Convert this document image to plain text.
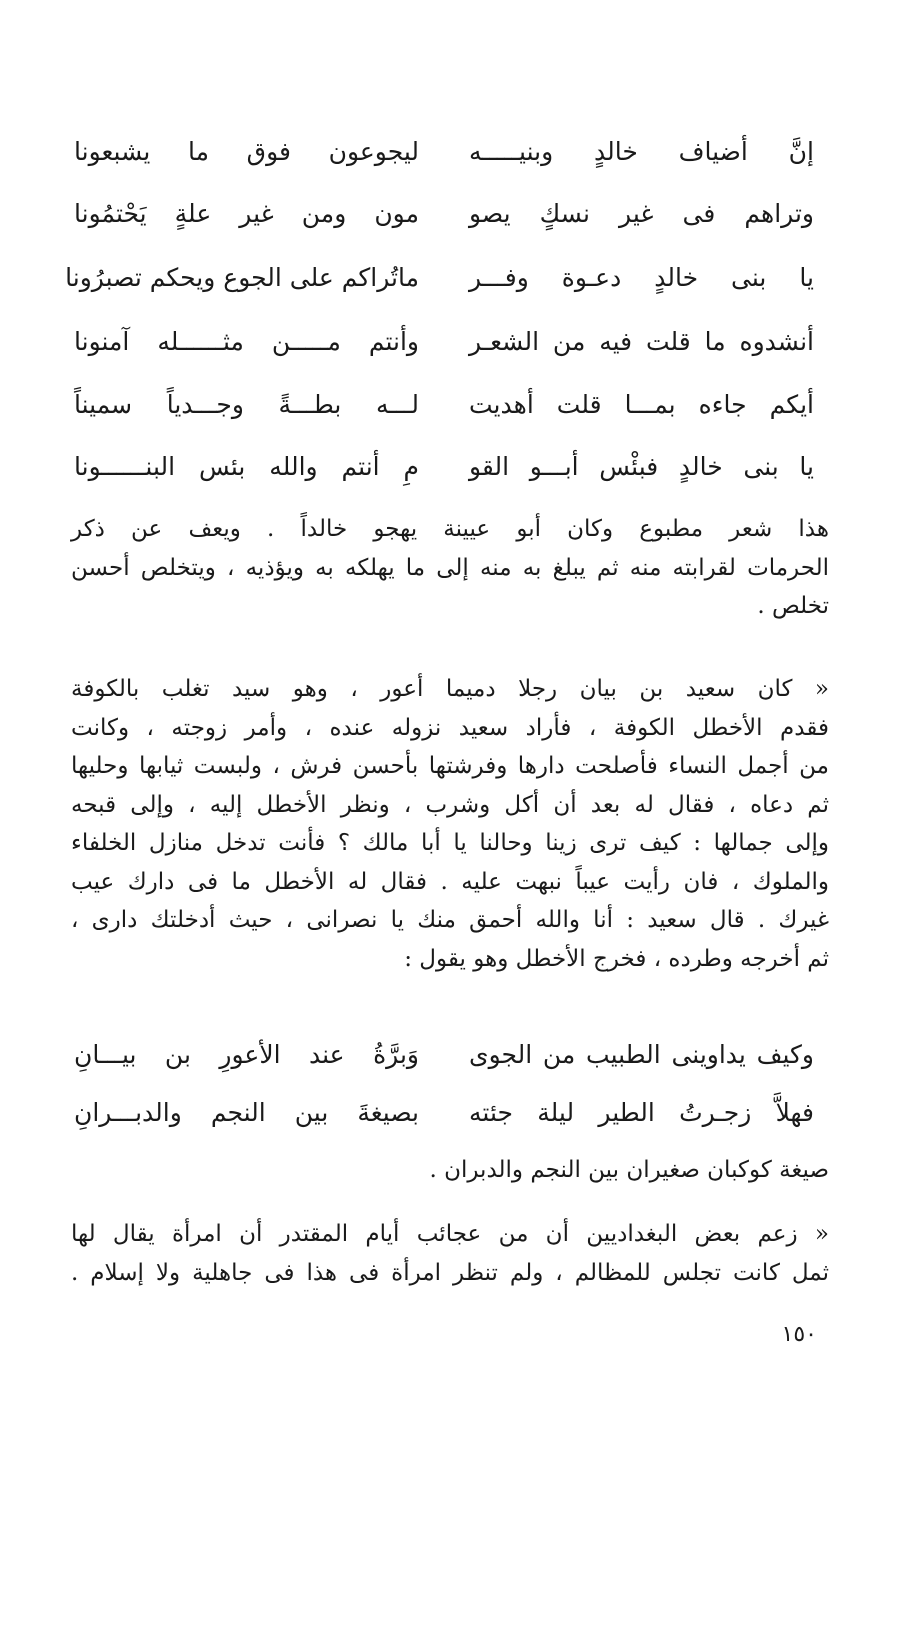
إنَّ أضياف خالدٍ وبنيـــــه
ليجوعون فوق ما يشبعونا
وتراهم فى غير نسكٍ يصو
مون ومن غير علةٍ يَحْتمُونا
يا بنى خالدٍ دعـوة وفـــر
ماتُراكم على الجوع ويحكم تصبرُونا
أنشدوه ما قلت فيه من الشعـر
وأنتم مـــــن مثــــــله آمنونا
أيكم جاءه بمـــا قلت أهديت
لـــه بطـــةً وجـــدياً سميناً
يا بنى خالدٍ فبئْس أبـــو القو
مِ أنتم والله بئس البنــــــونا
هذا شعر مطبوع وكان أبو عيينة يهجو خالداً . ويعف عن ذكر
الحرمات لقرابته منه ثم يبلغ به منه إلى ما يهلكه به ويؤذيه ، ويتخلص أحسن
تخلص .
« كان سعيد بن بيان رجلا دميما أعور ، وهو سيد تغلب بالكوفة
فقدم الأخطل الكوفة ، فأراد سعيد نزوله عنده ، وأمر زوجته ، وكانت
من أجمل النساء فأصلحت دارها وفرشتها بأحسن فرش ، ولبست ثيابها وحليها
ثم دعاه ، فقال له بعد أن أكل وشرب ، ونظر الأخطل إليه ، وإلى قبحه
وإلى جمالها : كيف ترى زينا وحالنا يا أبا مالك ؟ فأنت تدخل منازل الخلفاء
والملوك ، فان رأيت عيباً نبهت عليه . فقال له الأخطل ما فى دارك عيب
غيرك . قال سعيد : أنا والله أحمق منك يا نصرانى ، حيث أدخلتك دارى ،
ثم أخرجه وطرده ، فخرج الأخطل وهو يقول :
وكيف يداوينى الطبيب من الجوى
وَبرَّةُ عند الأعورِ بن بيـــانِ
فهلاَّ زجـرتُ الطير ليلة جئته
بصيغةَ بين النجم والدبـــرانِ
صيغة كوكبان صغيران بين النجم والدبران .
« زعم بعض البغداديين أن من عجائب أيام المقتدر أن امرأة يقال لها
ثمل كانت تجلس للمظالم ، ولم تنظر امرأة فى هذا فى جاهلية ولا إسلام .
١٥٠
